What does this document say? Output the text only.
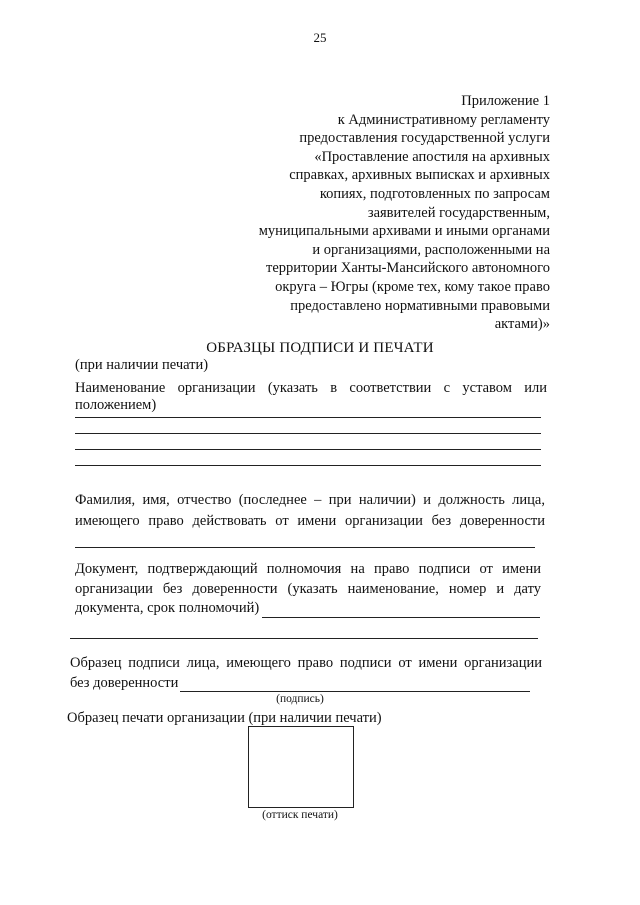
25
Приложение 1
к Административному регламенту
предоставления государственной услуги
«Проставление апостиля на архивных
справках, архивных выписках и архивных
копиях, подготовленных по запросам
заявителей государственным,
муниципальными архивами и иными органами
и организациями, расположенными на
территории Ханты-Мансийского автономного
округа – Югры (кроме тех, кому такое право
предоставлено нормативными правовыми
актами)»
ОБРАЗЦЫ ПОДПИСИ И ПЕЧАТИ
(при наличии печати)
Наименование организации (указать в соответствии с уставом или
положением)
Фамилия, имя, отчество (последнее – при наличии) и должность лица,
имеющего право действовать от имени организации без доверенности
Документ, подтверждающий полномочия на право подписи от имени
организации без доверенности (указать наименование, номер и дату
документа, срок полномочий)
Образец подписи лица, имеющего право подписи от имени организации
без доверенности
(подпись)
Образец печати организации (при наличии печати)
(оттиск печати)
